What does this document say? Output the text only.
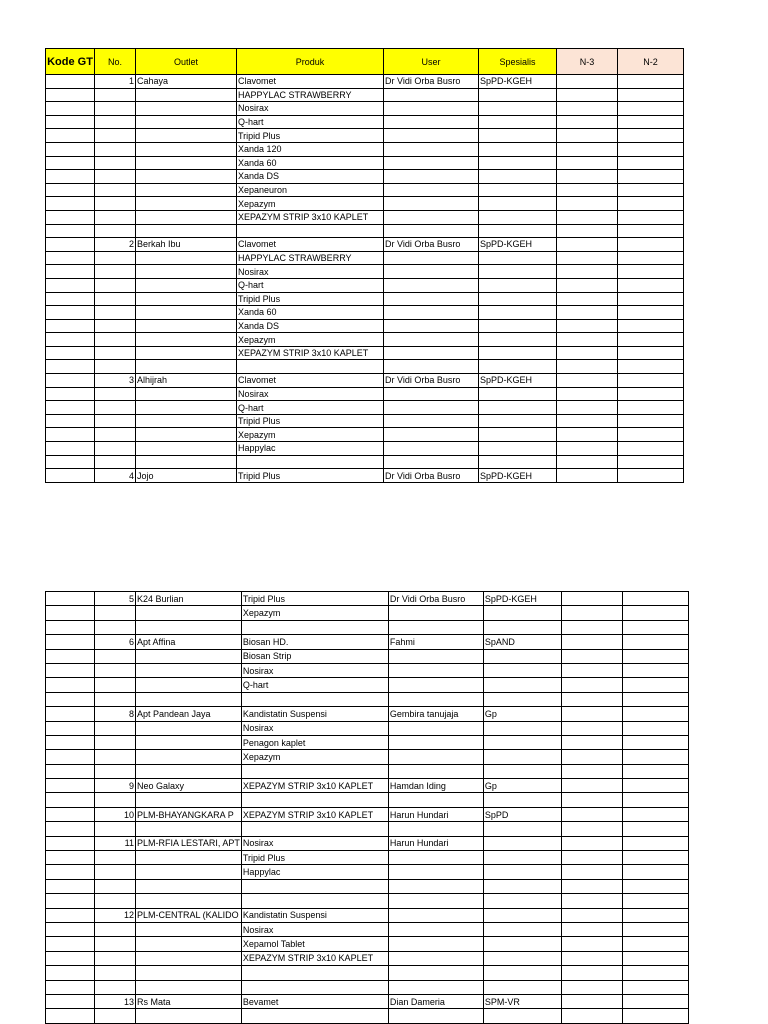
Kode GT	No.	Outlet	Produk	User	Spesialis	N-3	N-2
	1	Cahaya	Clavomet	Dr Vidi Orba Busro	SpPD-KGEH		
			HAPPYLAC STRAWBERRY				
			Nosirax				
			Q-hart				
			Tripid Plus				
			Xanda 120				
			Xanda 60				
			Xanda DS				
			Xepaneuron				
			Xepazym				
			XEPAZYM STRIP 3x10 KAPLET				

	2	Berkah Ibu	Clavomet	Dr Vidi Orba Busro	SpPD-KGEH		
			HAPPYLAC STRAWBERRY				
			Nosirax				
			Q-hart				
			Tripid Plus				
			Xanda 60				
			Xanda DS				
			Xepazym				
			XEPAZYM STRIP 3x10 KAPLET				

	3	Alhijrah	Clavomet	Dr Vidi Orba Busro	SpPD-KGEH		
			Nosirax				
			Q-hart				
			Tripid Plus				
			Xepazym				
			Happylac				

	4	Jojo	Tripid Plus	Dr Vidi Orba Busro	SpPD-KGEH		
	5	K24 Burlian	Tripid Plus	Dr Vidi Orba Busro	SpPD-KGEH		
			Xepazym				

	6	Apt Affina	Biosan HD.	Fahmi	SpAND		
			Biosan Strip				
			Nosirax				
			Q-hart				

	8	Apt Pandean Jaya	Kandistatin Suspensi	Gembira tanujaja	Gp		
			Nosirax				
			Penagon kaplet				
			Xepazym				

	9	Neo Galaxy	XEPAZYM STRIP 3x10 KAPLET	Hamdan Iding	Gp		

	10	PLM-BHAYANGKARA P	XEPAZYM STRIP 3x10 KAPLET	Harun Hundari	SpPD		

	11	PLM-RFIA LESTARI, APT	Nosirax	Harun Hundari			
			Tripid Plus				
			Happylac				

	12	PLM-CENTRAL (KALIDO	Kandistatin Suspensi				
			Nosirax				
			Xepamol Tablet				
			XEPAZYM STRIP 3x10 KAPLET				

	13	Rs Mata	Bevamet	Dian Dameria	SPM-VR		
